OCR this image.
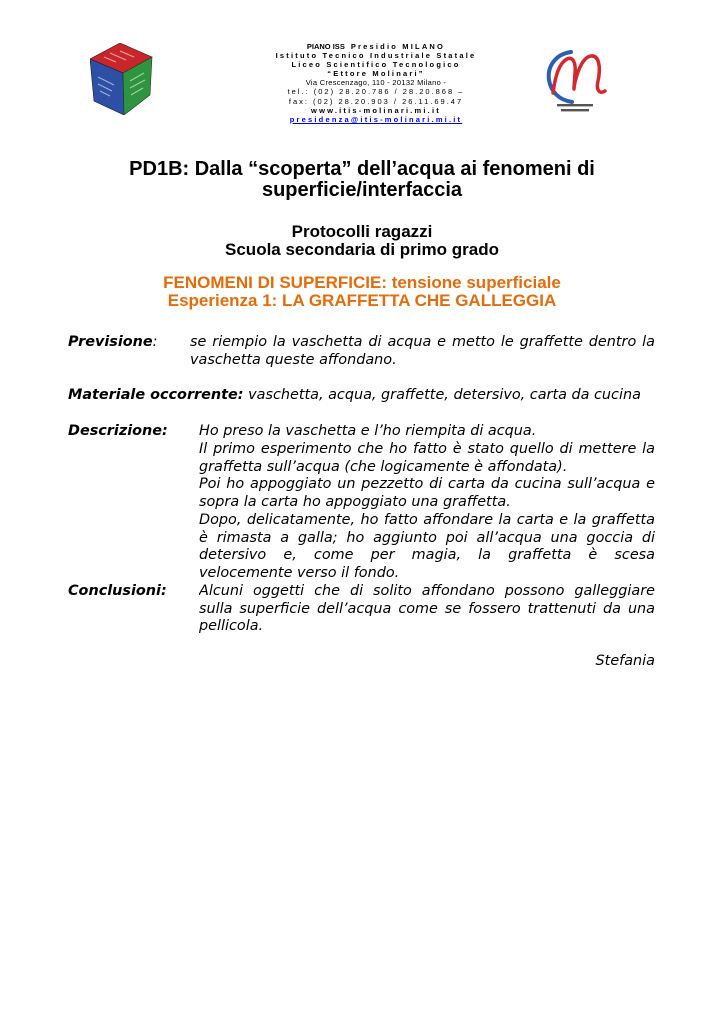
PIANO ISS Presidio MILANO
Istituto Tecnico Industriale Statale
Liceo Scientifico Tecnologico
“Ettore Molinari”
Via Crescenzago, 110 - 20132 Milano -
tel.: (02) 28.20.786 / 28.20.868 –
fax: (02) 28.20.903 / 26.11.69.47
www.itis-molinari.mi.it
presidenza@itis-molinari.mi.it
PD1B: Dalla “scoperta” dell’acqua ai fenomeni di
superficie/interfaccia
Protocolli ragazzi
Scuola secondaria di primo grado
FENOMENI DI SUPERFICIE: tensione superficiale
Esperienza 1: LA GRAFFETTA CHE GALLEGGIA
Previsione: se riempio la vaschetta di acqua e metto le graffette dentro la
vaschetta queste affondano.
Materiale occorrente: vaschetta, acqua, graffette, detersivo, carta da cucina
Descrizione: Ho preso la vaschetta e l’ho riempita di acqua.
Il primo esperimento che ho fatto è stato quello di mettere la
graffetta sull’acqua (che logicamente è affondata).
Poi ho appoggiato un pezzetto di carta da cucina sull’acqua e
sopra la carta ho appoggiato una graffetta.
Dopo, delicatamente, ho fatto affondare la carta e la graffetta
è rimasta a galla; ho aggiunto poi all’acqua una goccia di
detersivo e, come per magia, la graffetta è scesa
velocemente verso il fondo.
Conclusioni: Alcuni oggetti che di solito affondano possono galleggiare
sulla superficie dell’acqua come se fossero trattenuti da una
pellicola.
Stefania
